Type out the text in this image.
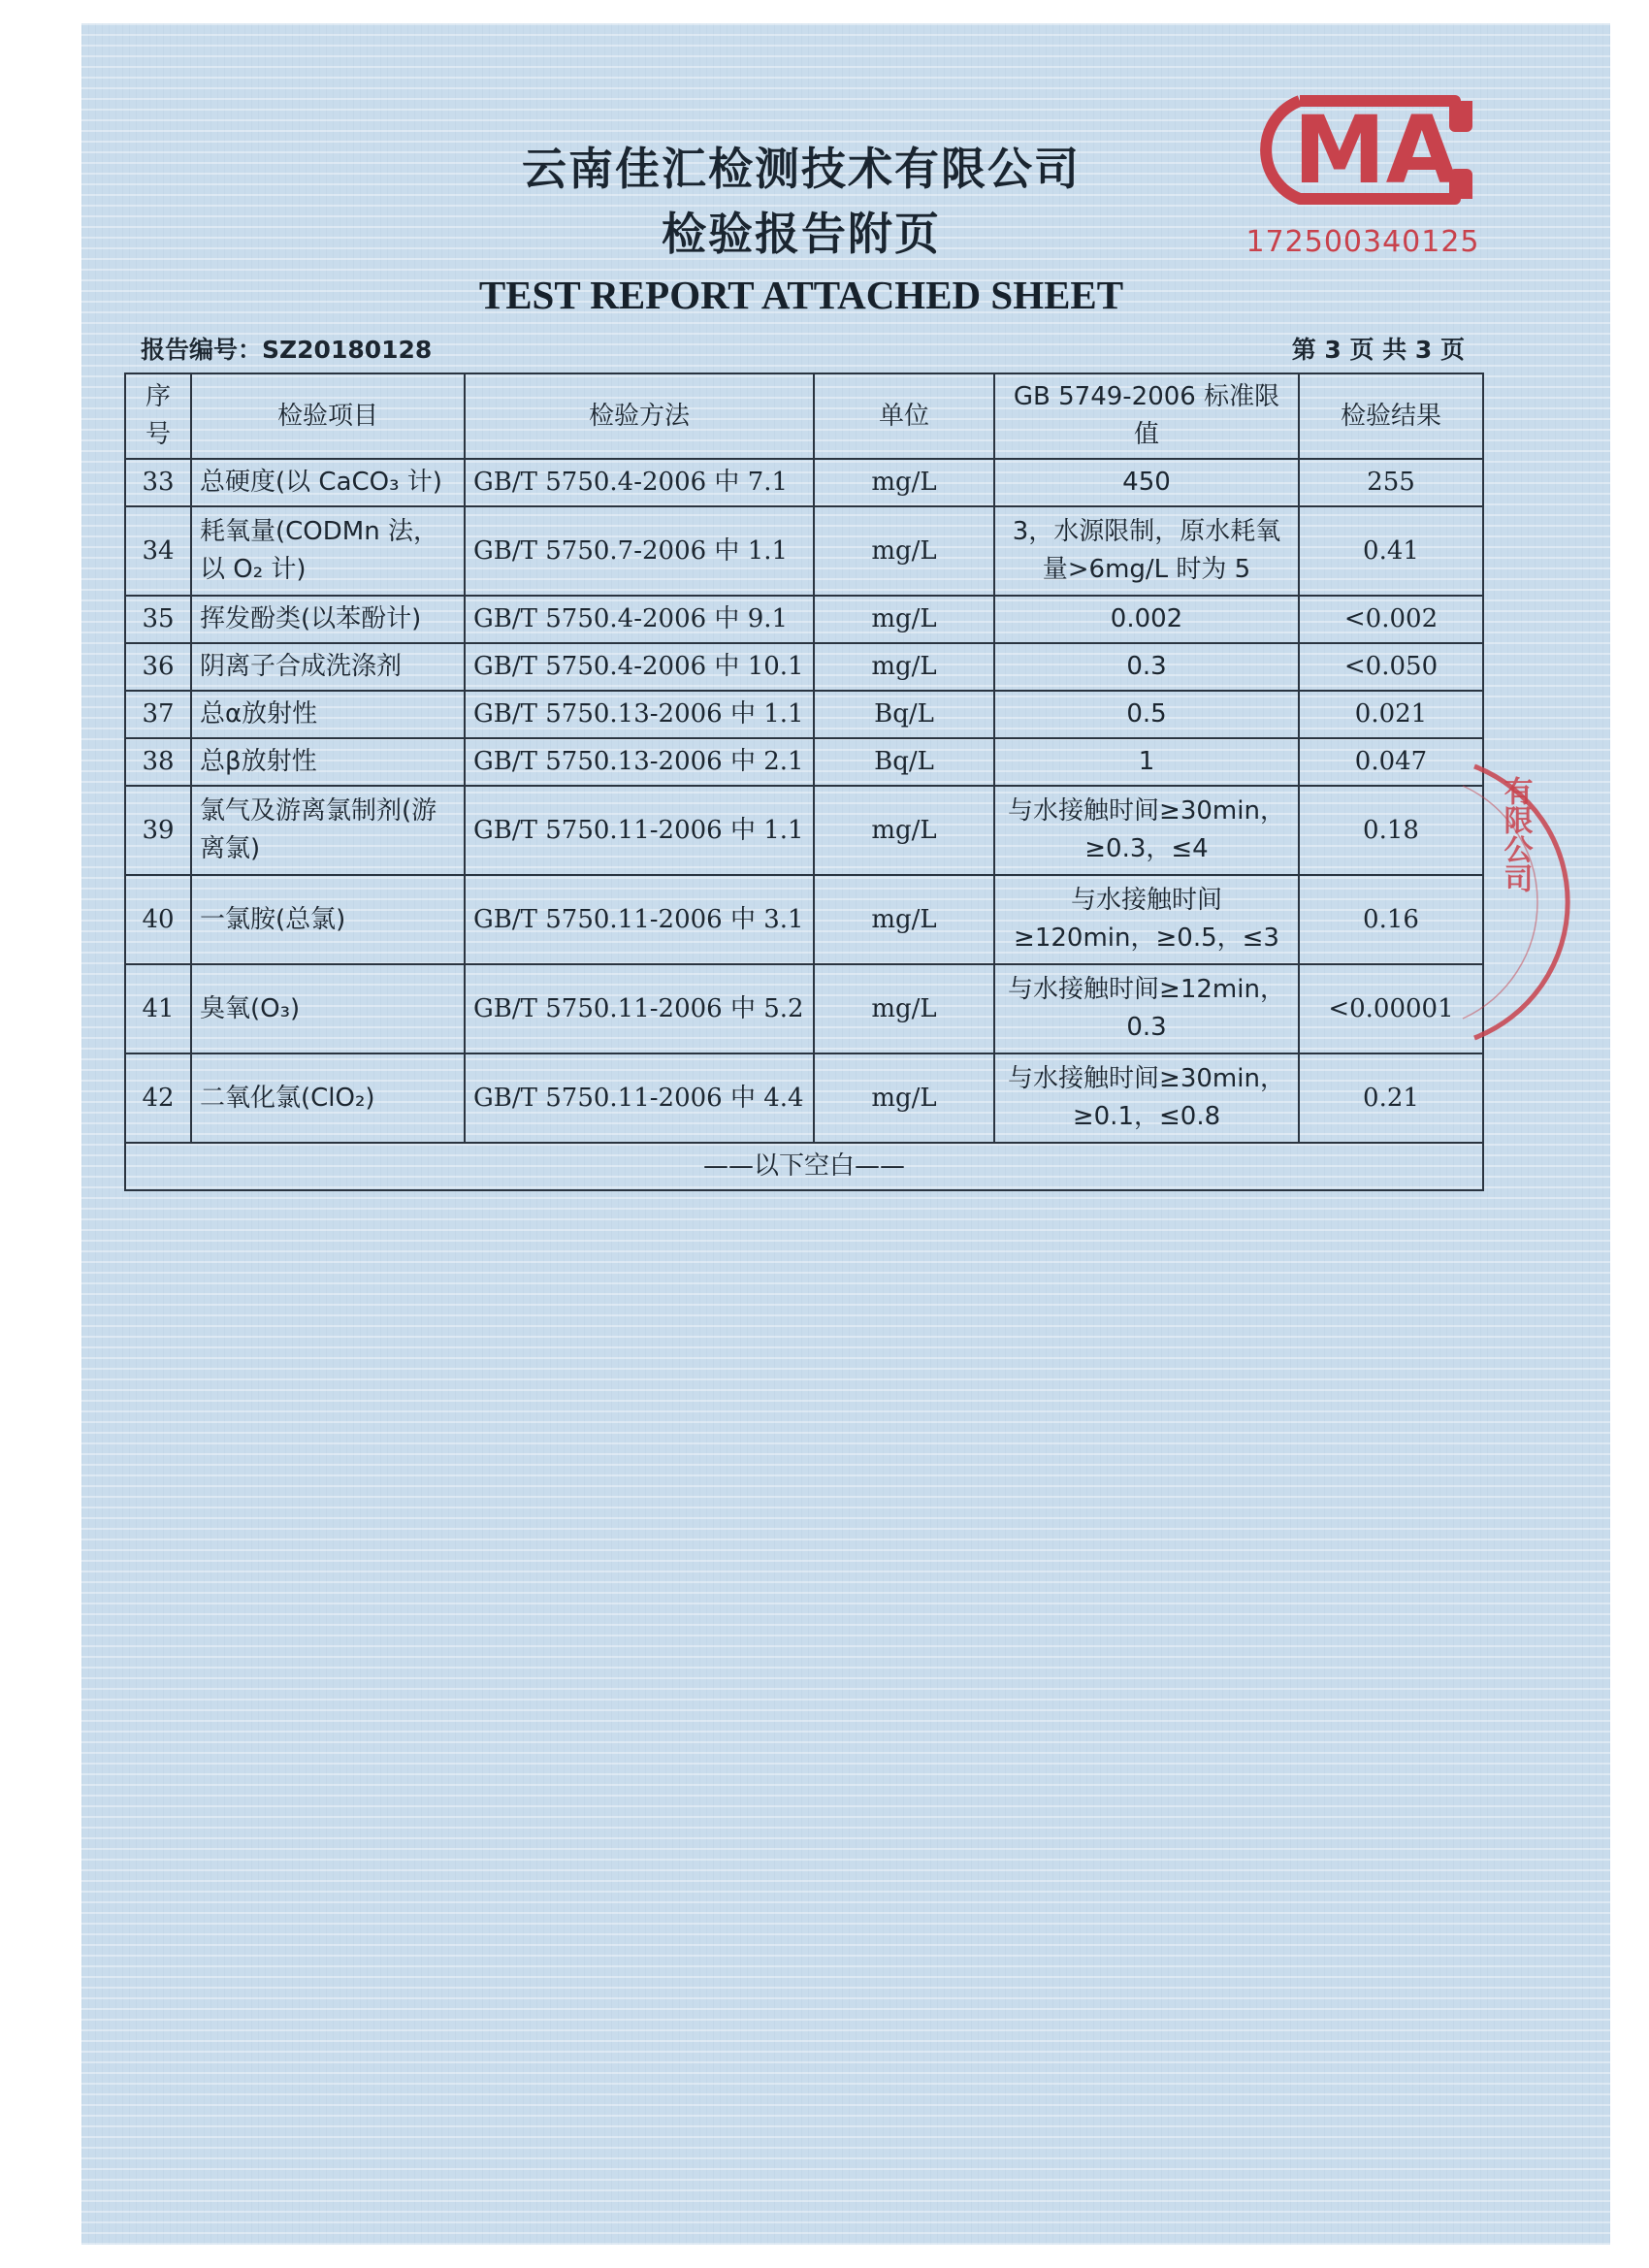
云南佳汇检测技术有限公司
检验报告附页
TEST REPORT ATTACHED SHEET
MA
172500340125
报告编号：SZ20180128	第 3 页 共 3 页
序号	检验项目	检验方法	单位	GB 5749-2006 标准限值	检验结果
33	总硬度(以 CaCO₃ 计)	GB/T 5750.4-2006 中 7.1	mg/L	450	255
34	耗氧量(CODMn 法，以 O₂ 计)	GB/T 5750.7-2006 中 1.1	mg/L	3，水源限制，原水耗氧量>6mg/L 时为 5	0.41
35	挥发酚类(以苯酚计)	GB/T 5750.4-2006 中 9.1	mg/L	0.002	<0.002
36	阴离子合成洗涤剂	GB/T 5750.4-2006 中 10.1	mg/L	0.3	<0.050
37	总α放射性	GB/T 5750.13-2006 中 1.1	Bq/L	0.5	0.021
38	总β放射性	GB/T 5750.13-2006 中 2.1	Bq/L	1	0.047
39	氯气及游离氯制剂(游离氯)	GB/T 5750.11-2006 中 1.1	mg/L	与水接触时间≥30min，≥0.3，≤4	0.18
40	一氯胺(总氯)	GB/T 5750.11-2006 中 3.1	mg/L	与水接触时间≥120min，≥0.5，≤3	0.16
41	臭氧(O₃)	GB/T 5750.11-2006 中 5.2	mg/L	与水接触时间≥12min，0.3	<0.00001
42	二氧化氯(ClO₂)	GB/T 5750.11-2006 中 4.4	mg/L	与水接触时间≥30min，≥0.1，≤0.8	0.21
——以下空白——					
有限公司
